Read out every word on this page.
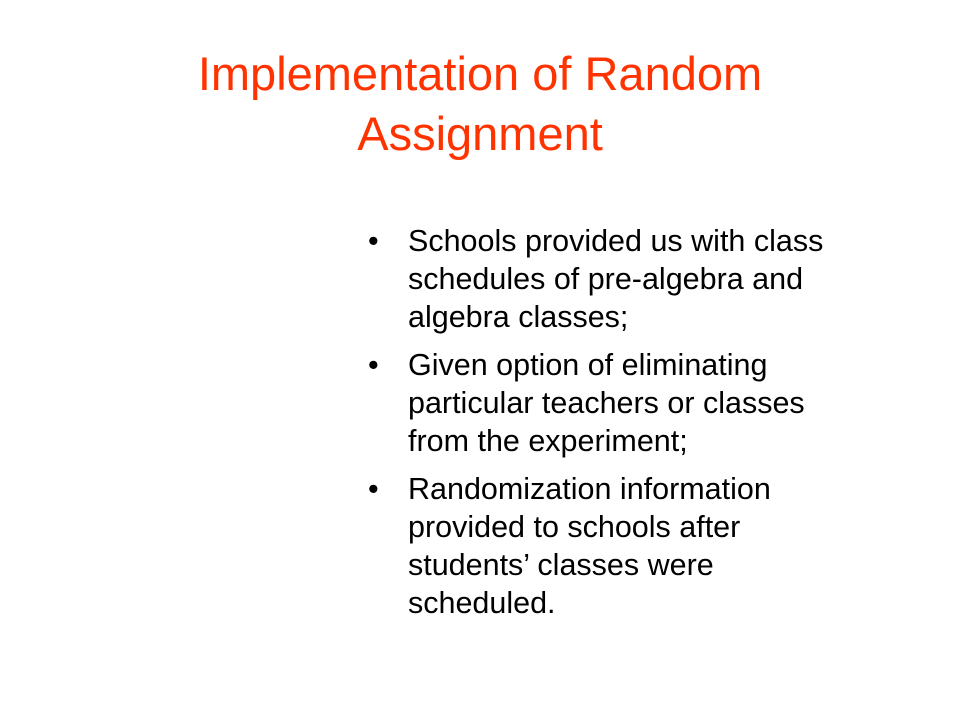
Implementation of Random
Assignment
• Schools provided us with class
schedules of pre-algebra and
algebra classes;
• Given option of eliminating
particular teachers or classes
from the experiment;
• Randomization information
provided to schools after
students’ classes were
scheduled.
